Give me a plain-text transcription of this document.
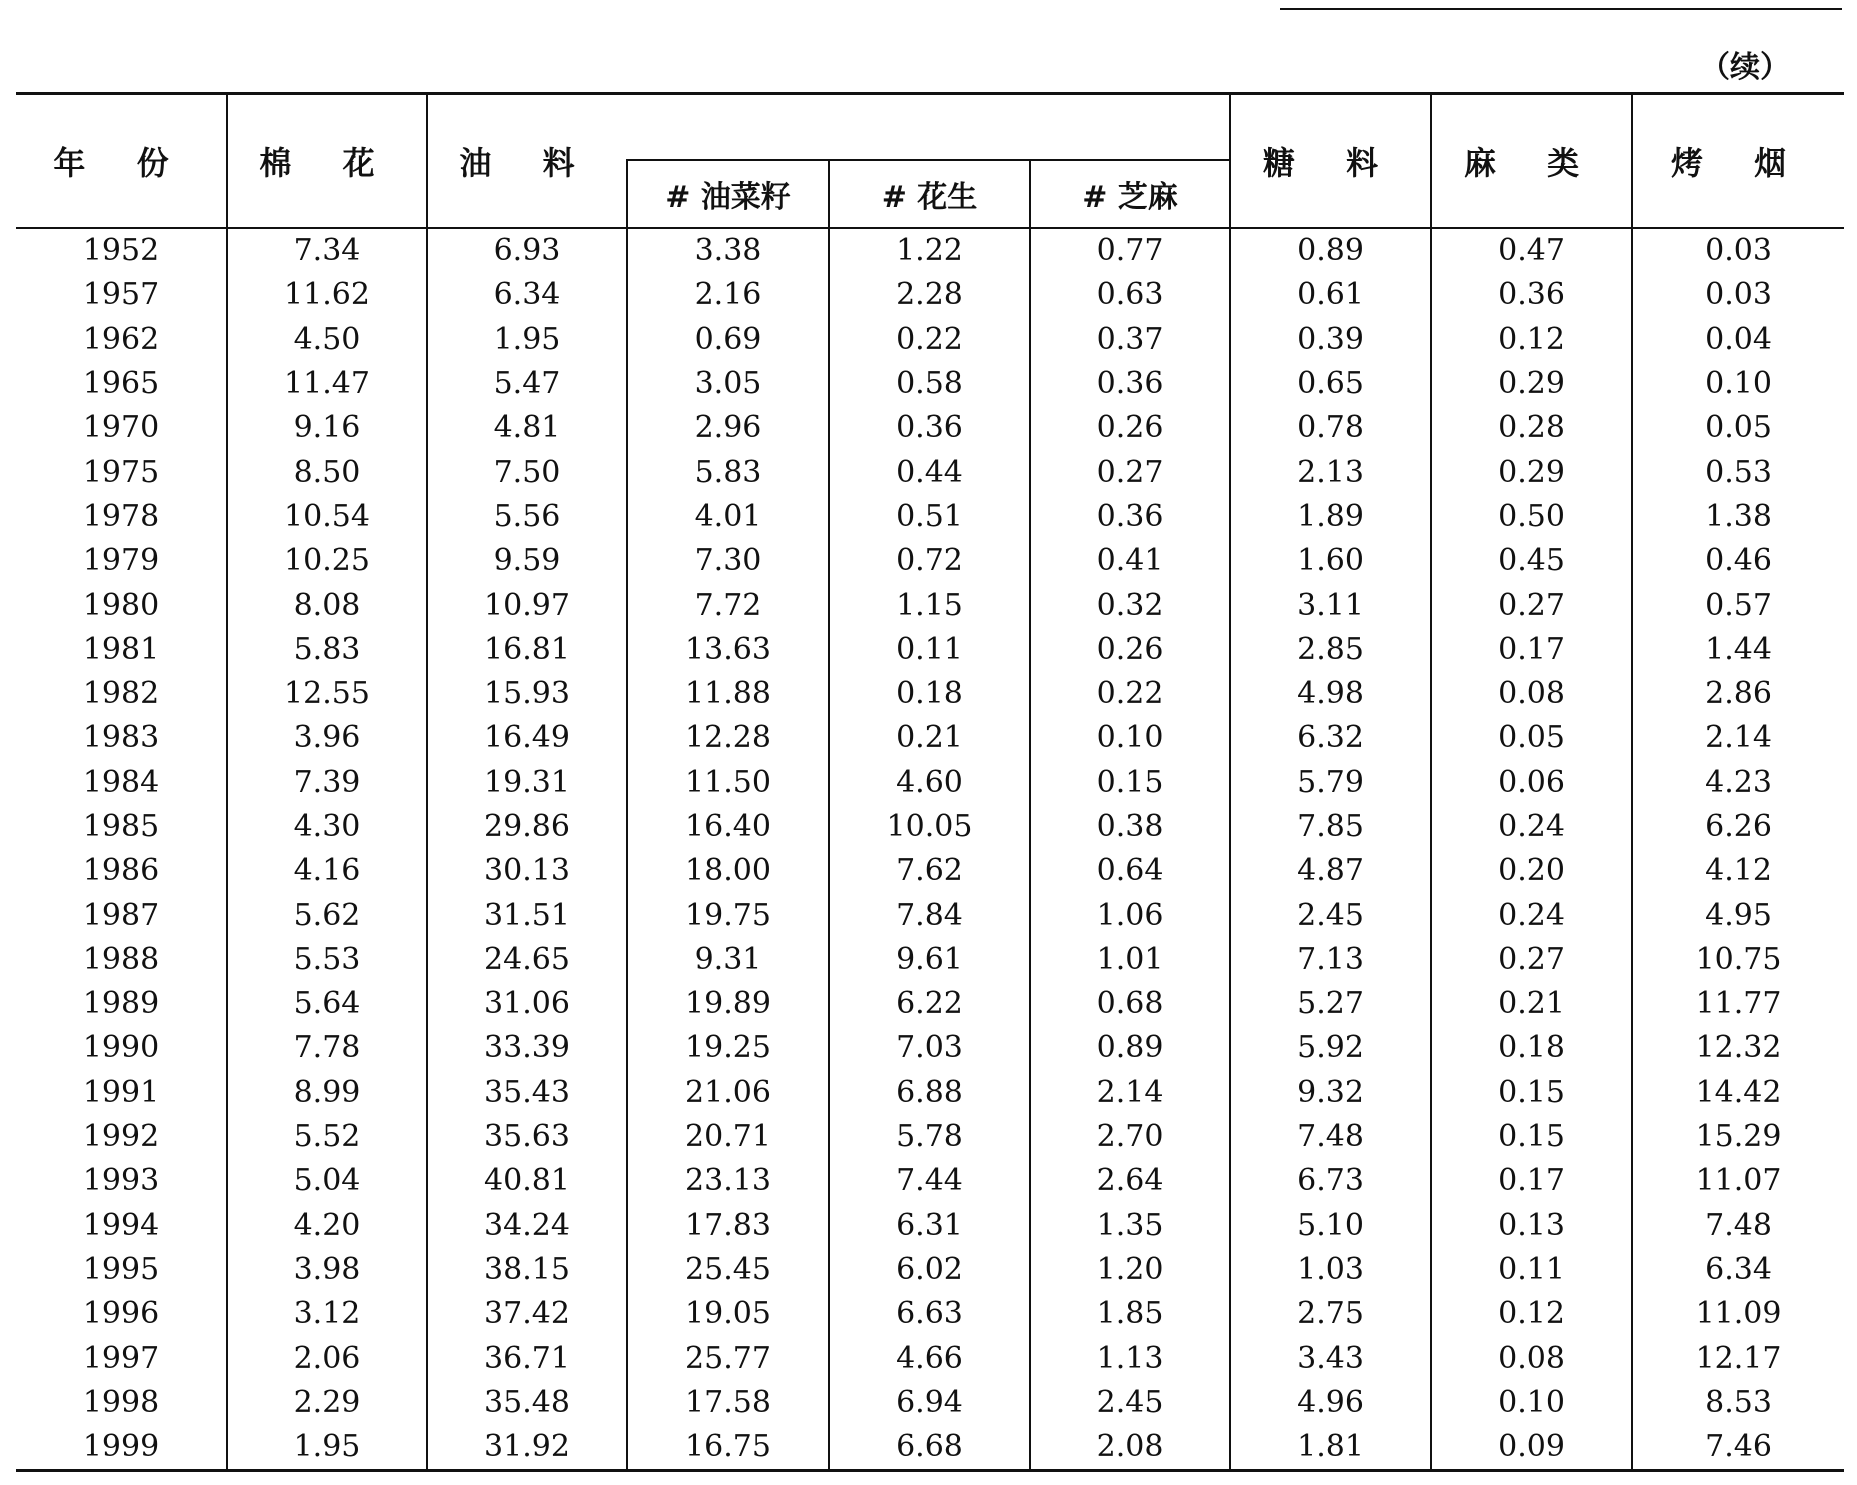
（续）
年 份	棉 花	油 料				糖 料	麻 类	烤 烟
			# 油菜籽	# 花生	# 芝麻			
1952	7.34	6.93	3.38	1.22	0.77	0.89	0.47	0.03
1957	11.62	6.34	2.16	2.28	0.63	0.61	0.36	0.03
1962	4.50	1.95	0.69	0.22	0.37	0.39	0.12	0.04
1965	11.47	5.47	3.05	0.58	0.36	0.65	0.29	0.10
1970	9.16	4.81	2.96	0.36	0.26	0.78	0.28	0.05
1975	8.50	7.50	5.83	0.44	0.27	2.13	0.29	0.53
1978	10.54	5.56	4.01	0.51	0.36	1.89	0.50	1.38
1979	10.25	9.59	7.30	0.72	0.41	1.60	0.45	0.46
1980	8.08	10.97	7.72	1.15	0.32	3.11	0.27	0.57
1981	5.83	16.81	13.63	0.11	0.26	2.85	0.17	1.44
1982	12.55	15.93	11.88	0.18	0.22	4.98	0.08	2.86
1983	3.96	16.49	12.28	0.21	0.10	6.32	0.05	2.14
1984	7.39	19.31	11.50	4.60	0.15	5.79	0.06	4.23
1985	4.30	29.86	16.40	10.05	0.38	7.85	0.24	6.26
1986	4.16	30.13	18.00	7.62	0.64	4.87	0.20	4.12
1987	5.62	31.51	19.75	7.84	1.06	2.45	0.24	4.95
1988	5.53	24.65	9.31	9.61	1.01	7.13	0.27	10.75
1989	5.64	31.06	19.89	6.22	0.68	5.27	0.21	11.77
1990	7.78	33.39	19.25	7.03	0.89	5.92	0.18	12.32
1991	8.99	35.43	21.06	6.88	2.14	9.32	0.15	14.42
1992	5.52	35.63	20.71	5.78	2.70	7.48	0.15	15.29
1993	5.04	40.81	23.13	7.44	2.64	6.73	0.17	11.07
1994	4.20	34.24	17.83	6.31	1.35	5.10	0.13	7.48
1995	3.98	38.15	25.45	6.02	1.20	1.03	0.11	6.34
1996	3.12	37.42	19.05	6.63	1.85	2.75	0.12	11.09
1997	2.06	36.71	25.77	4.66	1.13	3.43	0.08	12.17
1998	2.29	35.48	17.58	6.94	2.45	4.96	0.10	8.53
1999	1.95	31.92	16.75	6.68	2.08	1.81	0.09	7.46
